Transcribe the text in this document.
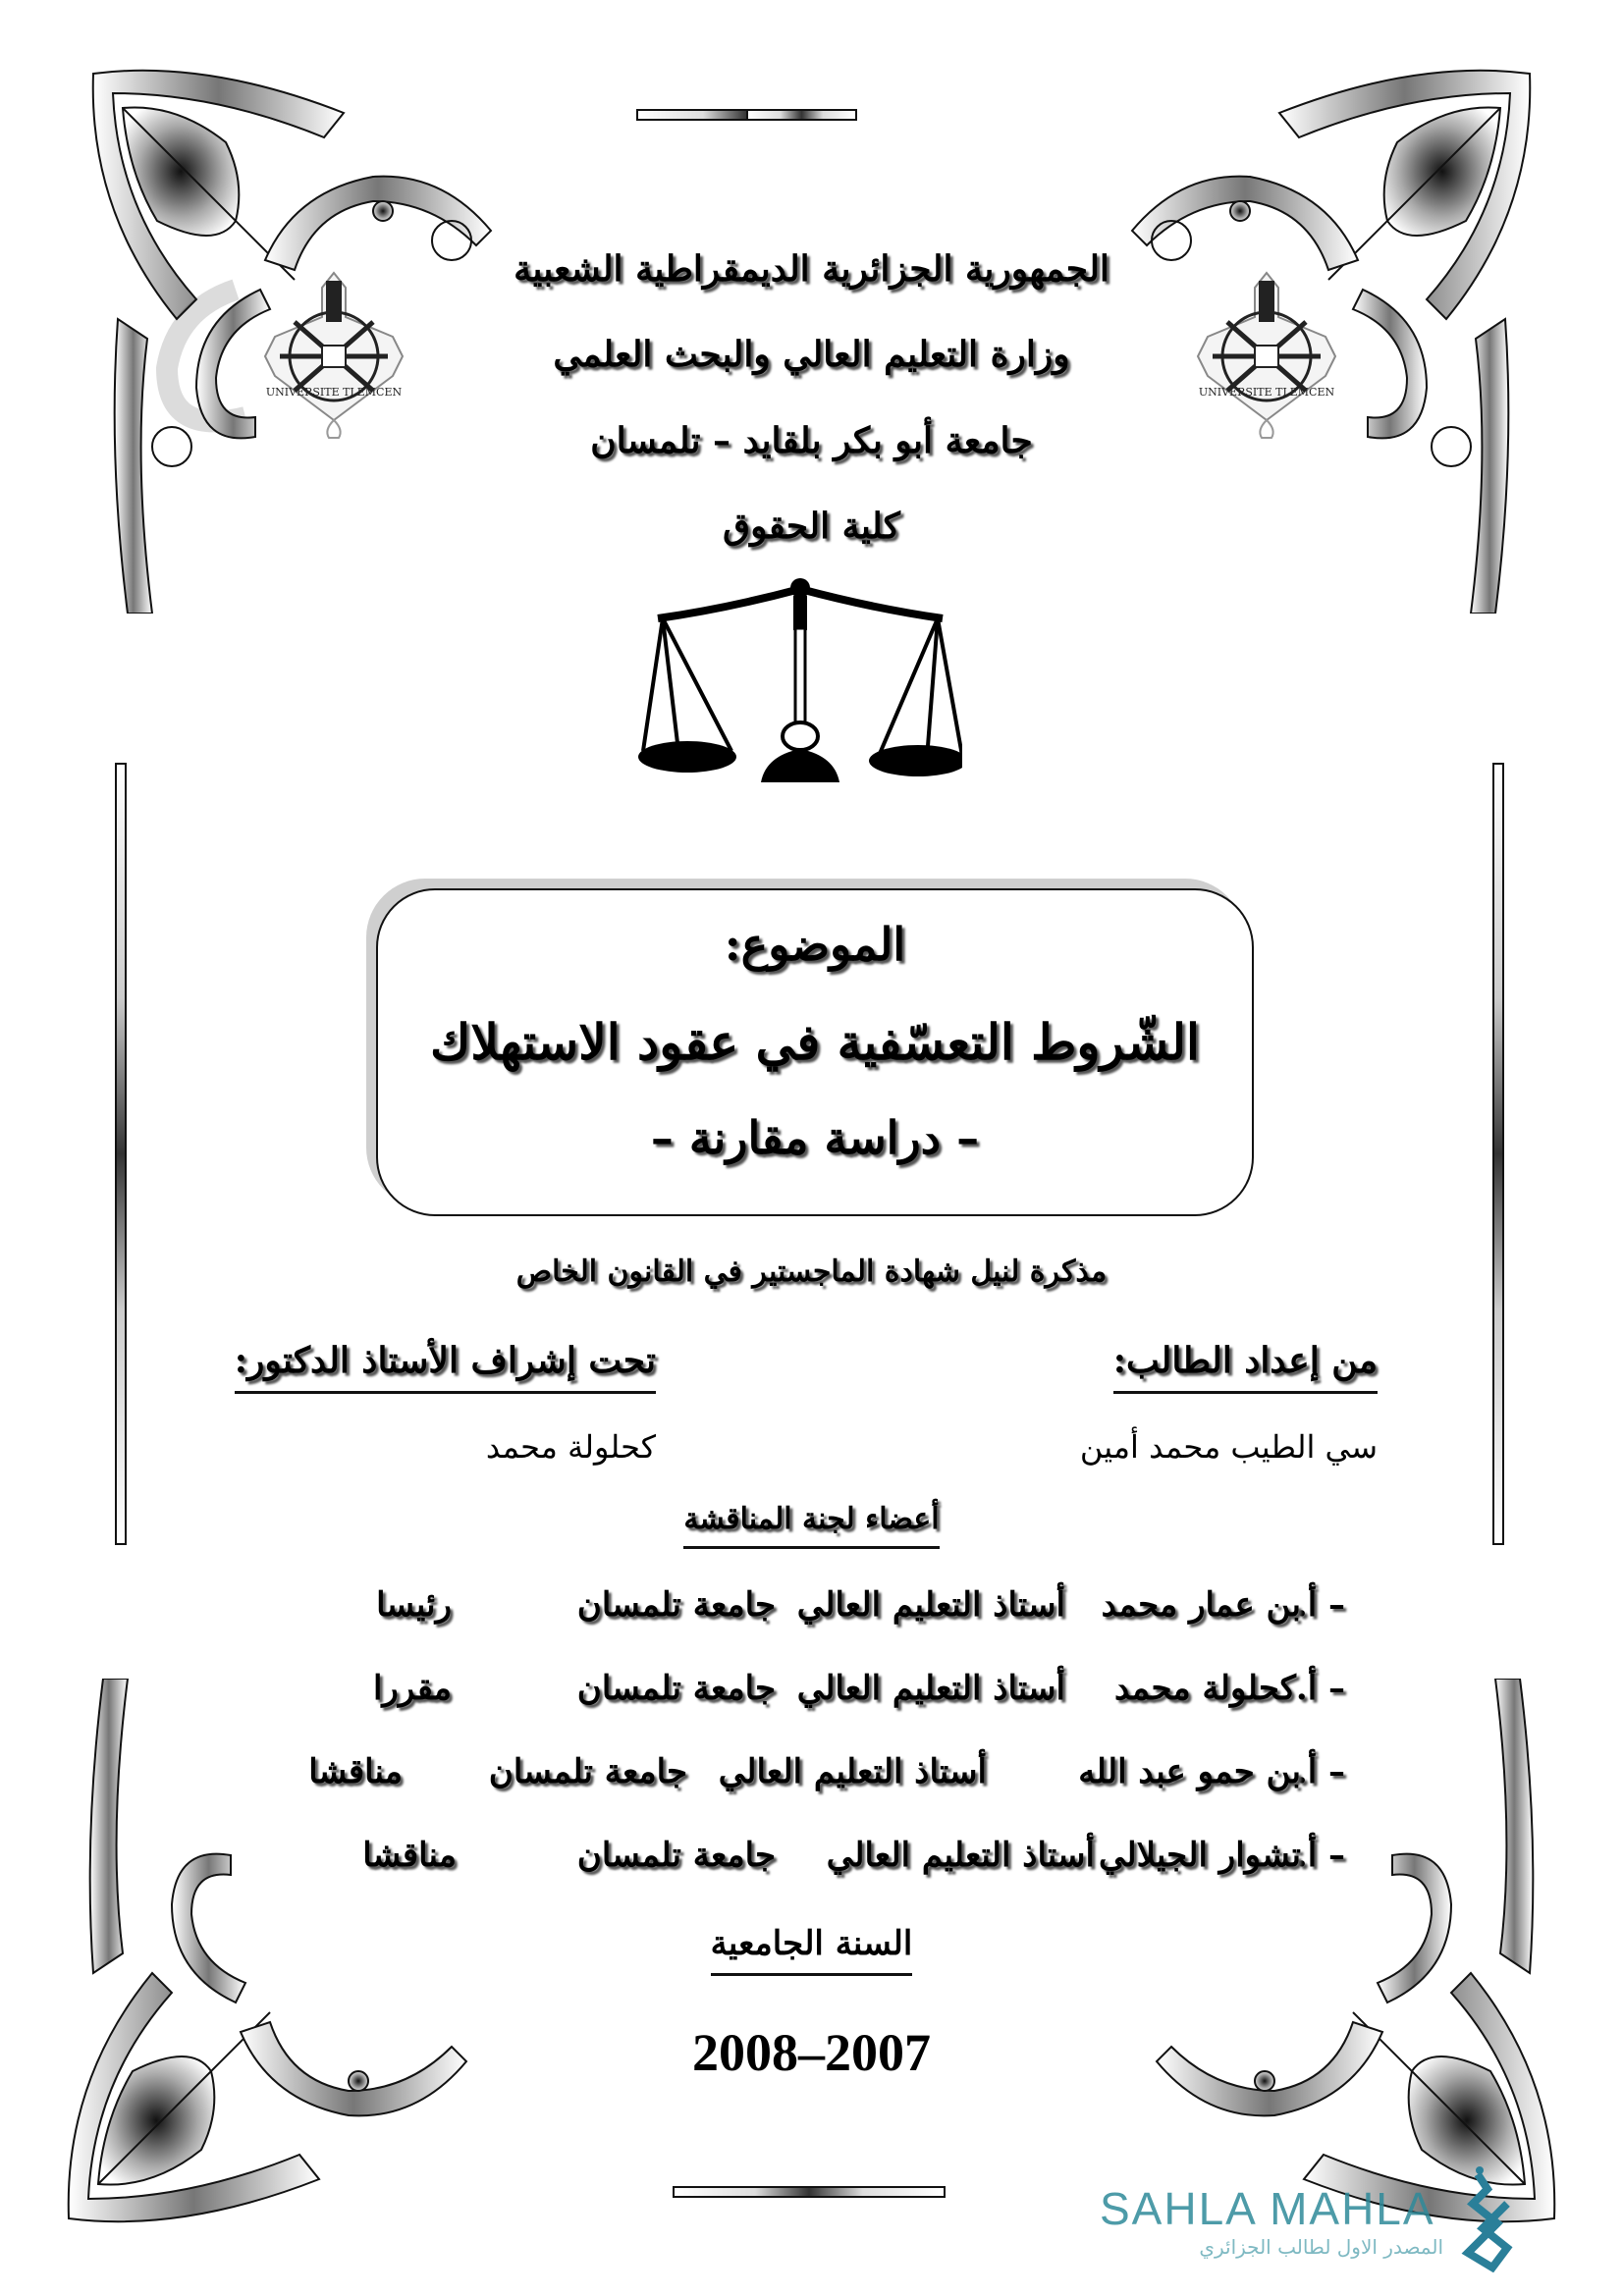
UNIVERSITE TLEMCEN	UNIVERSITE TLEMCEN
الجمهورية الجزائرية الديمقراطية الشعبية
وزارة التعليم العالي والبحث العلمي
جامعة أبو بكر بلقايد – تلمسان
كلية الحقوق
الموضوع:
الشّروط التعسّفية في عقود الاستهلاك
– دراسة مقارنة –
مذكرة لنيل شهادة الماجستير في القانون الخاص
من إعداد الطالب:
تحت إشراف الأستاذ الدكتور:
سي الطيب محمد أمين
كحلولة محمد
أعضاء لجنة المناقشة
– أ.
بن عمار محمد
أستاذ التعليم العالي
جامعة تلمسان
رئيسا
– أ.
كحلولة محمد
أستاذ التعليم العالي
جامعة تلمسان
مقررا
– أ.
بن حمو عبد الله
أستاذ التعليم العالي
جامعة تلمسان
مناقشا
– أ.
تشوار الجيلالي
أستاذ التعليم العالي
جامعة تلمسان
مناقشا
السنة الجامعية
2008–2007
SAHLA MAHLA
المصدر الاول لطالب الجزائري
